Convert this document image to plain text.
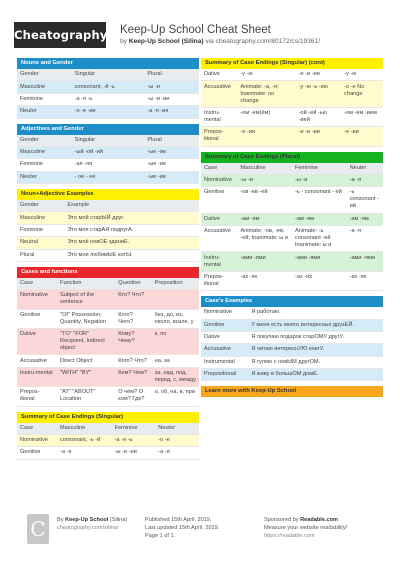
Cheatography Keep-Up School Cheat Sheet
by Keep-Up School (Silina) via cheatography.com/80172/cs/19361/
Nouns and Gender
Gender	Singular	Plural
Masculine	consonant, -й -ь	-ы -и
Feminine	-а -я -ь	-ы -и -ии
Neuter	-о -е -ие	-а -я -ия
Adjectives and Gender
Gender	Singular	Plural
Masculine	-ый -ой -ий	-ые -ие
Feminine	-ая -яя	-ые -ие
Neuter	- ое - ее	-ые -ие
Noun+Adjective Examples
Gender	Example
Masculine	Это мой старЫЙ друг.
Feminine	Это моя старАЯ подругА.
Neutral	Это моё новОЕ зданиЕ.
Plural	Это мои любимЫЕ котЫ.
Cases and functions
Case	Function	Question	Preposition
Nominative	Subject of the sentence	Кто? Что?	
Genitive	"Of" Possession, Quantity, Negation	Кого? Чего?	без, до, из, около, возле, у
Dative	"TO" "FOR" Recipient, Indirect object	Кому? Чему?	к, по
Accusative	Direct Object	Кого? Что?	на, за
Instru-mental	"WITH" "BY"	Кем? Чем?	за, над, под, перед, с, между
Prepos-itional	"AT" "ABOUT" Location	О чём? О ком? Где?	о, об, на, в, при
Summary of Case Endings (Singular)
Case	Masculine	Feminine	Neuter
Nominative	consonant, -ь -й	-а -я -ь	-о -е
Genitive	-а -я	-ы -и -ии	-а -я
Summary of Case Endings (Singular) (cont)
Dative	-у -ю	-е -и -ии	-у -ю
Accusative	Animate: -а, -я; Inanimate: no change	-у -ю -ь -ию	-о -е No change
Instru-mental	-ом -ем(ём)	-ой -ей -ью -ией	-ом -ем -ием
Prepos-itional	-е -ии	-е -и -ии	-е -ии
Summary of Case Endings (Plural)
Case	Masculine	Feminine	Neuter
Nominative	-ы -и	-ы -и	-а -я
Genitive	-ов -ев -ей	-ь - consonant - ей	-ь consonant - ий
Dative	-ам -ям	-ам -ям	-ам -ям
Accusative	Animate: -ов, -ев, -ей; Inanimate: ы и	Animate: -ь consonant -ей Inanimate: ы и	-а -я
Instru-mental	-ами -ями	-ами -ями	-ами -ями
Prepos-itional	-ах -ях	-ах -ях	-ах -ях
Case's Examples
Nominative	Я работаю.
Genitive	У меня есть много интересных друзЕЙ.
Dative	Я покупаю подарок старОМУ другУ.
Accusative	Я читаю интереснУЮ книгУ.
Instrumental	Я гуляю с новЫМ другОМ.
Prepositional	Я живу в большОМ домЕ.
Learn more with Keep-Up School
C	By Keep-Up School (Silina)
cheatography.com/silina/
Published 15th April, 2019.
Last updated 15th April, 2019.
Page 1 of 1.
Sponsored by Readable.com
Measure your website readability!
https://readable.com
